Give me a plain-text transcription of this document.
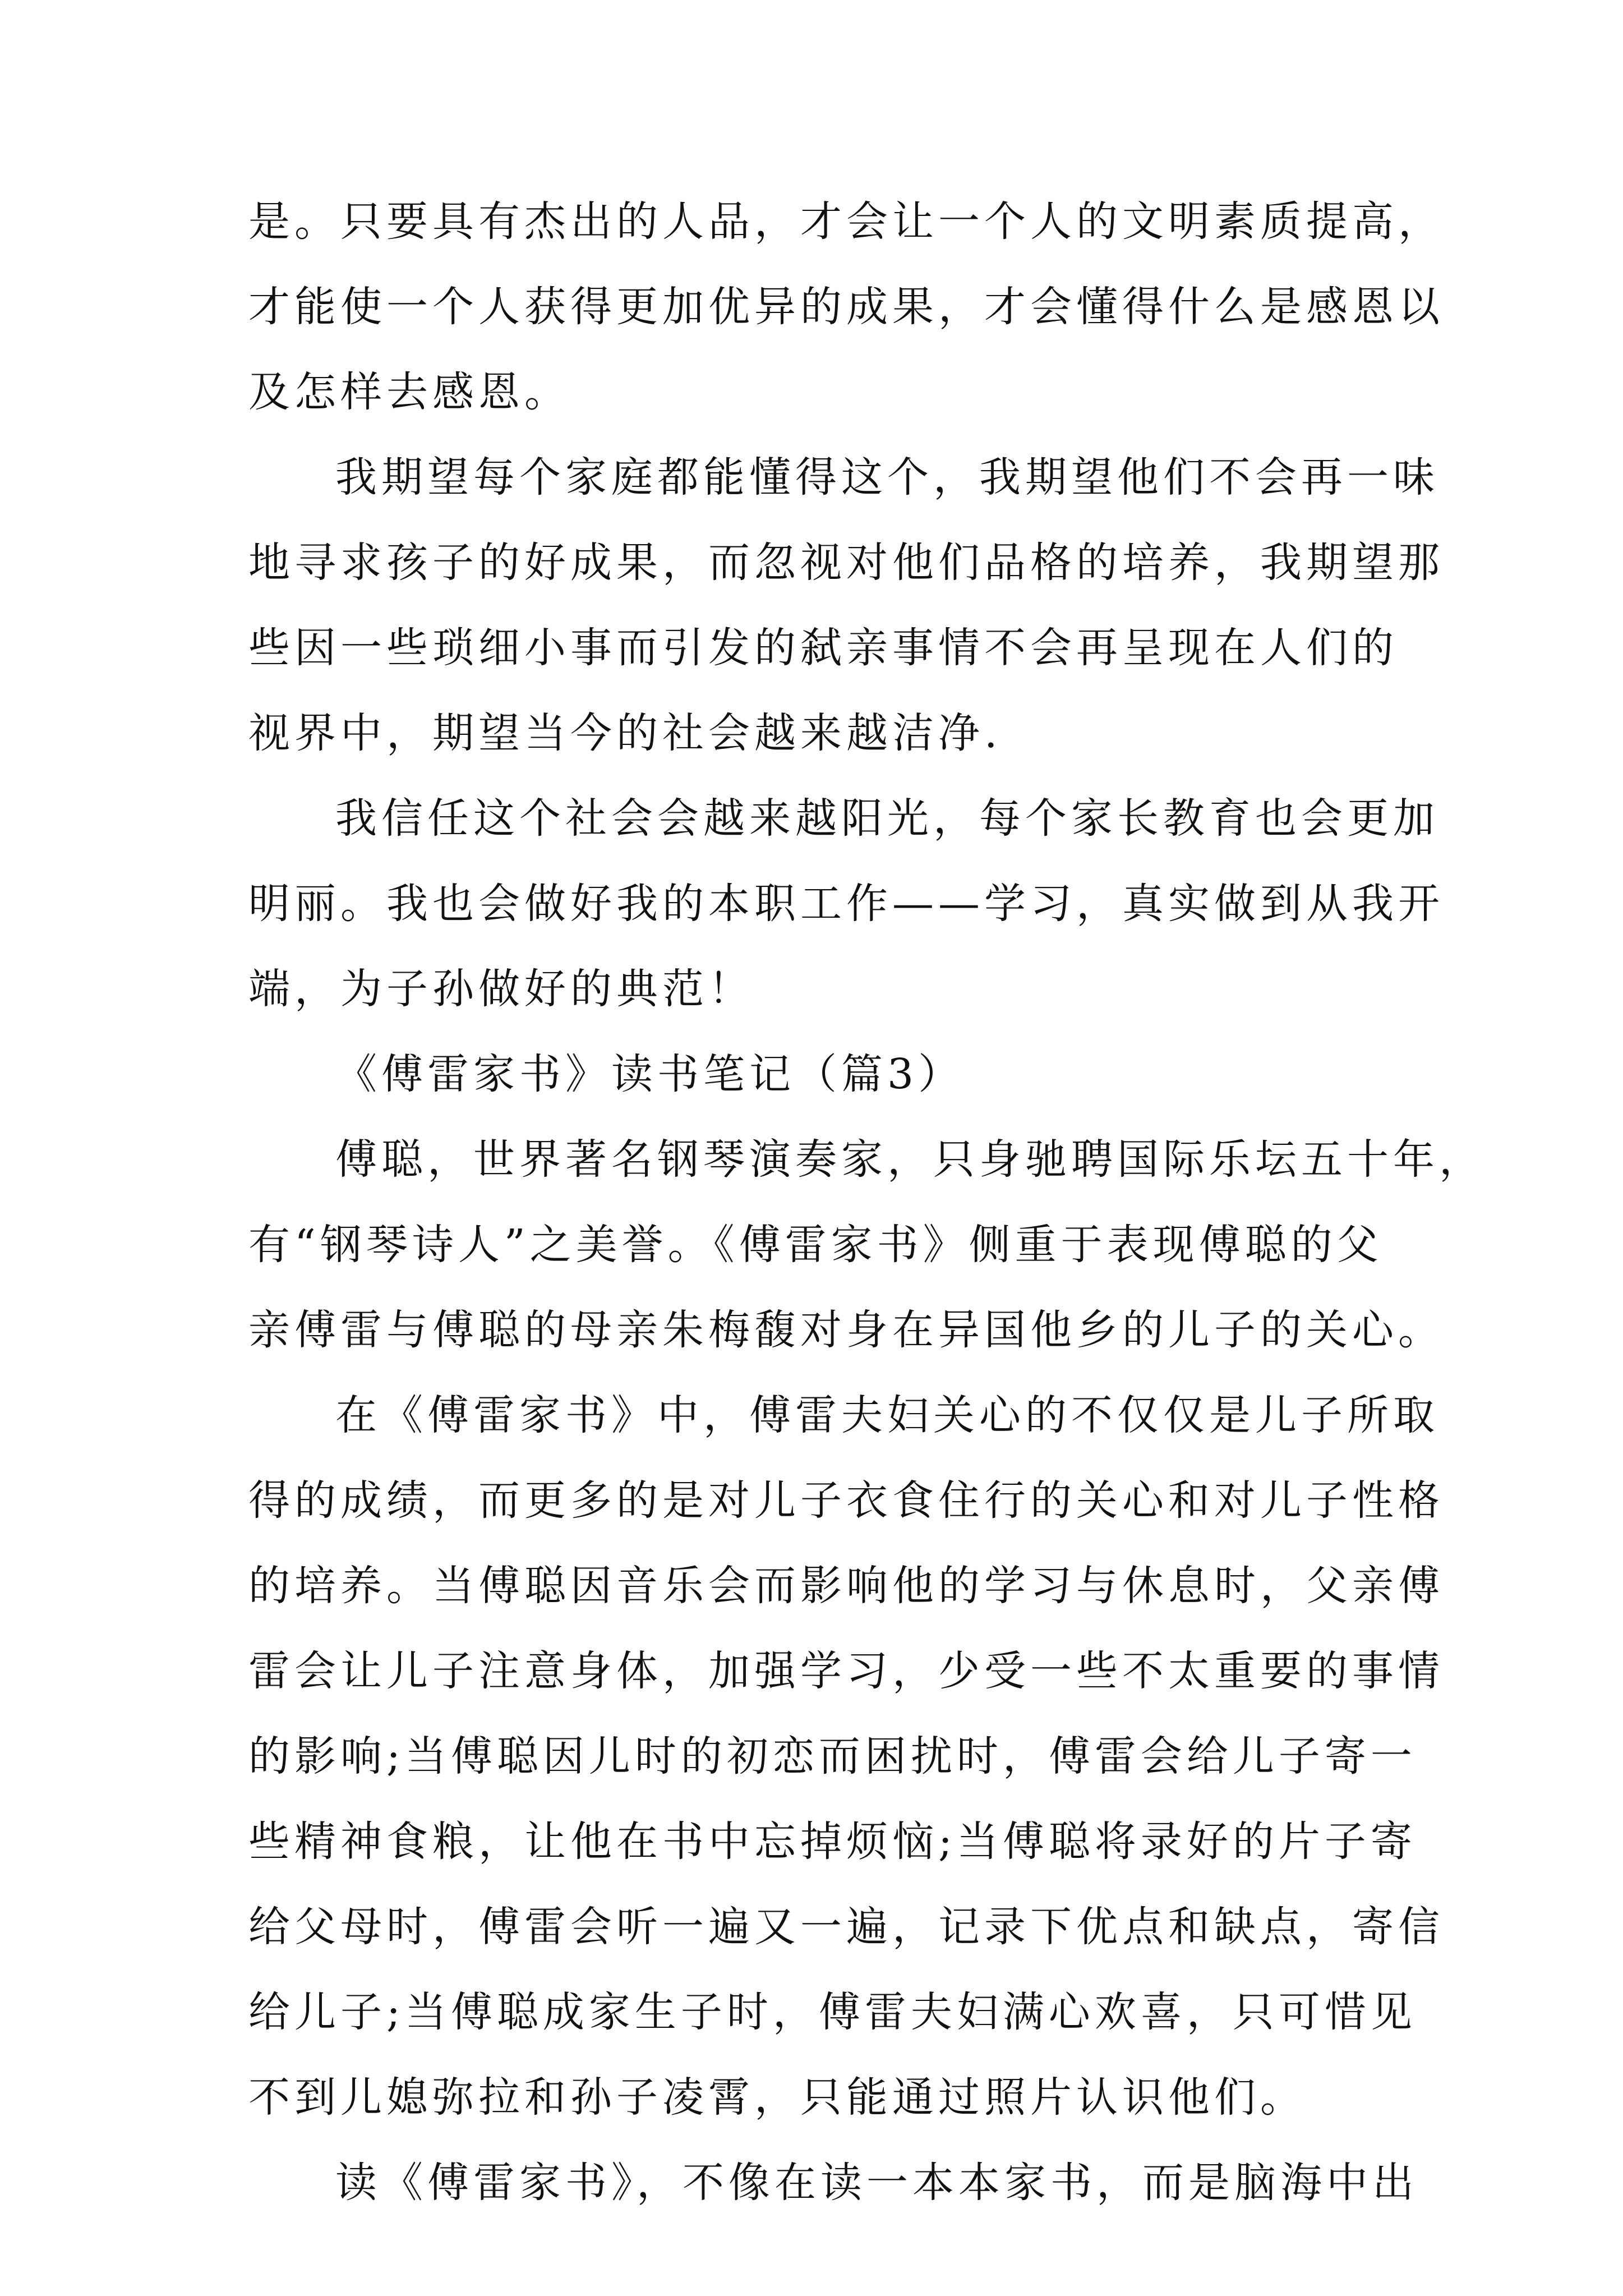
是。只要具有杰出的人品，才会让一个人的文明素质提高，
才能使一个人获得更加优异的成果，才会懂得什么是感恩以
及怎样去感恩。
我期望每个家庭都能懂得这个，我期望他们不会再一味
地寻求孩子的好成果，而忽视对他们品格的培养，我期望那
些因一些琐细小事而引发的弑亲事情不会再呈现在人们的
视界中，期望当今的社会越来越洁净.
我信任这个社会会越来越阳光，每个家长教育也会更加
明丽。我也会做好我的本职工作——学习，真实做到从我开
端，为子孙做好的典范！
《傅雷家书》读书笔记（篇3）
傅聪，世界著名钢琴演奏家，只身驰聘国际乐坛五十年，
有“钢琴诗人”之美誉。《傅雷家书》侧重于表现傅聪的父
亲傅雷与傅聪的母亲朱梅馥对身在异国他乡的儿子的关心。
在《傅雷家书》中，傅雷夫妇关心的不仅仅是儿子所取
得的成绩，而更多的是对儿子衣食住行的关心和对儿子性格
的培养。当傅聪因音乐会而影响他的学习与休息时，父亲傅
雷会让儿子注意身体，加强学习，少受一些不太重要的事情
的影响;当傅聪因儿时的初恋而困扰时，傅雷会给儿子寄一
些精神食粮，让他在书中忘掉烦恼;当傅聪将录好的片子寄
给父母时，傅雷会听一遍又一遍，记录下优点和缺点，寄信
给儿子;当傅聪成家生子时，傅雷夫妇满心欢喜，只可惜见
不到儿媳弥拉和孙子凌霄，只能通过照片认识他们。
读《傅雷家书》，不像在读一本本家书，而是脑海中出
